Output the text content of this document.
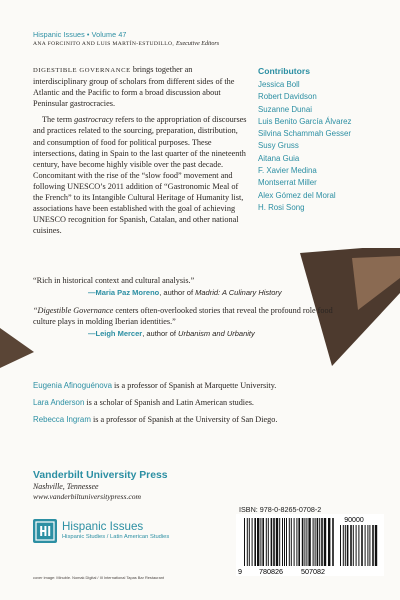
Hispanic Issues • Volume 47
ANA FORCINITO AND LUIS MARTÍN-ESTUDILLO, Executive Editors

DIGESTIBLE GOVERNANCE brings together an interdisciplinary group of scholars from different sides of the Atlantic and the Pacific to form a broad discussion about Peninsular gastrocracies.

The term gastrocracy refers to the appropriation of discourses and practices related to the sourcing, preparation, distribution, and consumption of food for political purposes. These intersections, dating in Spain to the last quarter of the nineteenth century, have become highly visible over the past decade. Concomitant with the rise of the “slow food” movement and following UNESCO’s 2011 addition of “Gastronomic Meal of the French” to its Intangible Cultural Heritage of Humanity list, associations have been established with the goal of achieving UNESCO recognition for Spanish, Catalan, and other national cuisines.

Contributors
Jessica Boll
Robert Davidson
Suzanne Dunai
Luis Benito García Álvarez
Silvina Schammah Gesser
Susy Gruss
Aitana Guia
F. Xavier Medina
Montserrat Miller
Alex Gómez del Moral
H. Rosi Song
“Rich in historical context and cultural analysis.”
—Maria Paz Moreno, author of Madrid: A Culinary History
“Digestible Governance centers often-overlooked stories that reveal the profound role food culture plays in molding Iberian identities.”
—Leigh Mercer, author of Urbanism and Urbanity

Eugenia Afinoguénova is a professor of Spanish at Marquette University.

Lara Anderson is a scholar of Spanish and Latin American studies.

Rebecca Ingram is a professor of Spanish at the University of San Diego.

Vanderbilt University Press
Nashville, Tennessee
www.vanderbiltuniversitypress.com
Hispanic Issues
Hispanic Studies / Latin American Studies
cover image: Minuble. Nomak Digital / III International Tapas Bar Restaurant
ISBN: 978-0-8265-0708-2
90000
9 780826	507082
